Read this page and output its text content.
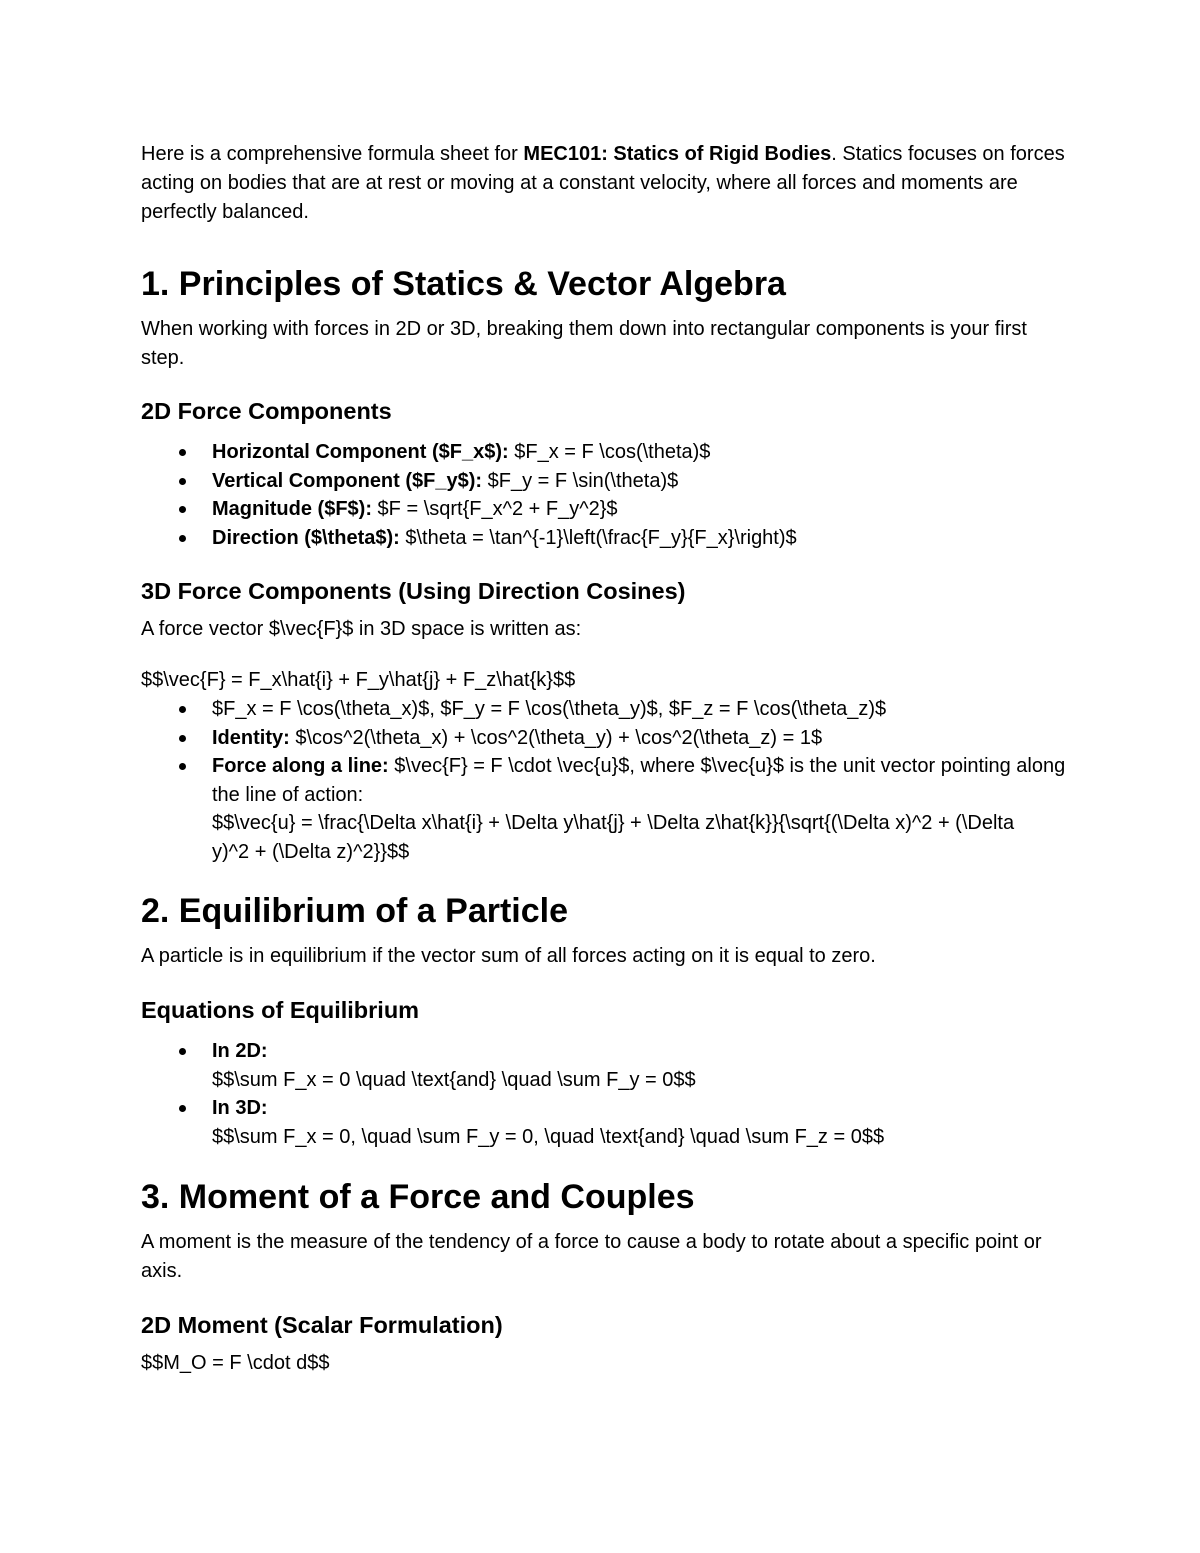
Here is a comprehensive formula sheet for MEC101: Statics of Rigid Bodies. Statics focuses on forces acting on bodies that are at rest or moving at a constant velocity, where all forces and moments are perfectly balanced.

1. Principles of Statics & Vector Algebra

When working with forces in 2D or 3D, breaking them down into rectangular components is your first step.

2D Force Components
Horizontal Component ($F_x$): $F_x = F \cos(\theta)$
Vertical Component ($F_y$): $F_y = F \sin(\theta)$
Magnitude ($F$): $F = \sqrt{F_x^2 + F_y^2}$
Direction ($\theta$): $\theta = \tan^{-1}\left(\frac{F_y}{F_x}\right)$
3D Force Components (Using Direction Cosines)

A force vector $\vec{F}$ in 3D space is written as:

$$\vec{F} = F_x\hat{i} + F_y\hat{j} + F_z\hat{k}$$

$F_x = F \cos(\theta_x)$, $F_y = F \cos(\theta_y)$, $F_z = F \cos(\theta_z)$
Identity: $\cos^2(\theta_x) + \cos^2(\theta_y) + \cos^2(\theta_z) = 1$
Force along a line: $\vec{F} = F \cdot \vec{u}$, where $\vec{u}$ is the unit vector pointing along the line of action:
$$\vec{u} = \frac{\Delta x\hat{i} + \Delta y\hat{j} + \Delta z\hat{k}}{\sqrt{(\Delta x)^2 + (\Delta y)^2 + (\Delta z)^2}}$$
2. Equilibrium of a Particle

A particle is in equilibrium if the vector sum of all forces acting on it is equal to zero.

Equations of Equilibrium
In 2D:
$$\sum F_x = 0 \quad \text{and} \quad \sum F_y = 0$$
In 3D:
$$\sum F_x = 0, \quad \sum F_y = 0, \quad \text{and} \quad \sum F_z = 0$$
3. Moment of a Force and Couples

A moment is the measure of the tendency of a force to cause a body to rotate about a specific point or axis.

2D Moment (Scalar Formulation)

$$M_O = F \cdot d$$
